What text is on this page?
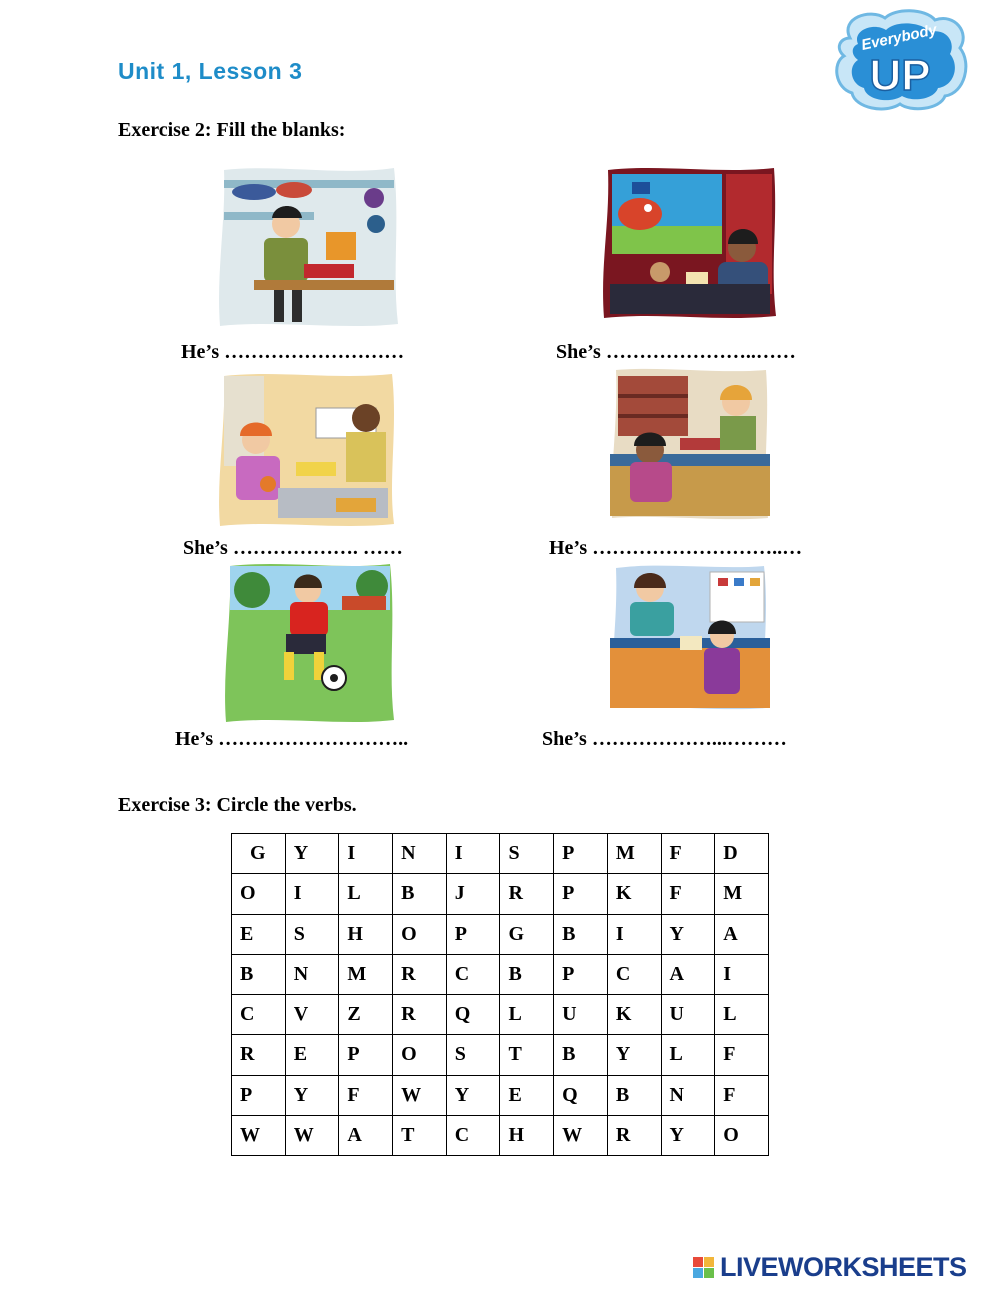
Unit 1, Lesson 3
Everybody
UP
Exercise 2: Fill the blanks:
He’s ………………………	She’s …………………..……
She’s ………………. ……	He’s ………………………..…
He’s ………………………..	She’s ………………...………
Exercise 3: Circle the verbs.
G	Y	I	N	I	S	P	M	F	D
O	I	L	B	J	R	P	K	F	M
E	S	H	O	P	G	B	I	Y	A
B	N	M	R	C	B	P	C	A	I
C	V	Z	R	Q	L	U	K	U	L
R	E	P	O	S	T	B	Y	L	F
P	Y	F	W	Y	E	Q	B	N	F
W	W	A	T	C	H	W	R	Y	O
LIVEWORKSHEETS
